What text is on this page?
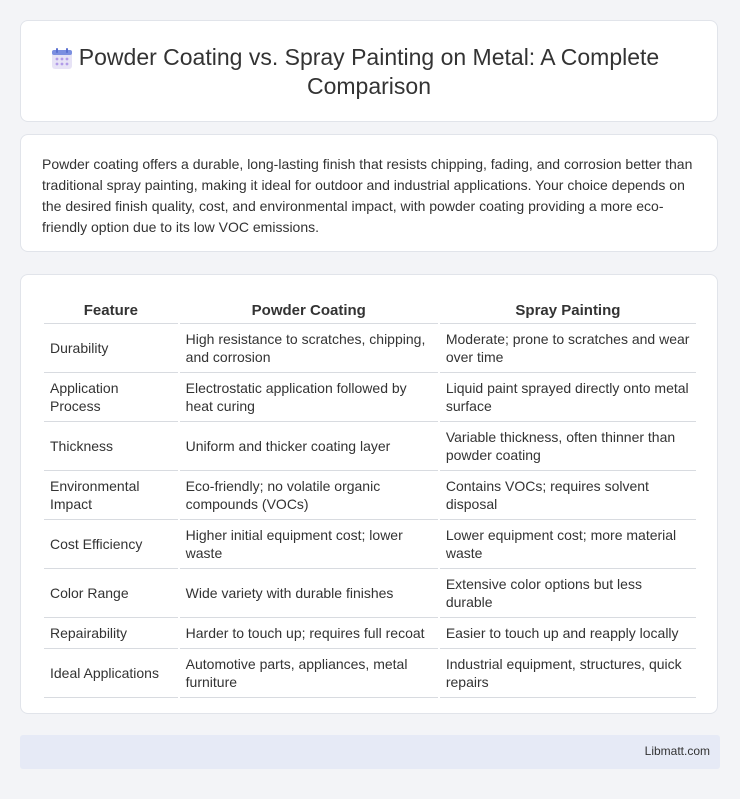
Powder Coating vs. Spray Painting on Metal: A Complete Comparison
Powder coating offers a durable, long-lasting finish that resists chipping, fading, and corrosion better than traditional spray painting, making it ideal for outdoor and industrial applications. Your choice depends on the desired finish quality, cost, and environmental impact, with powder coating providing a more eco-friendly option due to its low VOC emissions.
Feature	Powder Coating	Spray Painting
Durability	High resistance to scratches, chipping, and corrosion	Moderate; prone to scratches and wear over time
Application Process	Electrostatic application followed by heat curing	Liquid paint sprayed directly onto metal surface
Thickness	Uniform and thicker coating layer	Variable thickness, often thinner than powder coating
Environmental Impact	Eco-friendly; no volatile organic compounds (VOCs)	Contains VOCs; requires solvent disposal
Cost Efficiency	Higher initial equipment cost; lower waste	Lower equipment cost; more material waste
Color Range	Wide variety with durable finishes	Extensive color options but less durable
Repairability	Harder to touch up; requires full recoat	Easier to touch up and reapply locally
Ideal Applications	Automotive parts, appliances, metal furniture	Industrial equipment, structures, quick repairs
Libmatt.com
